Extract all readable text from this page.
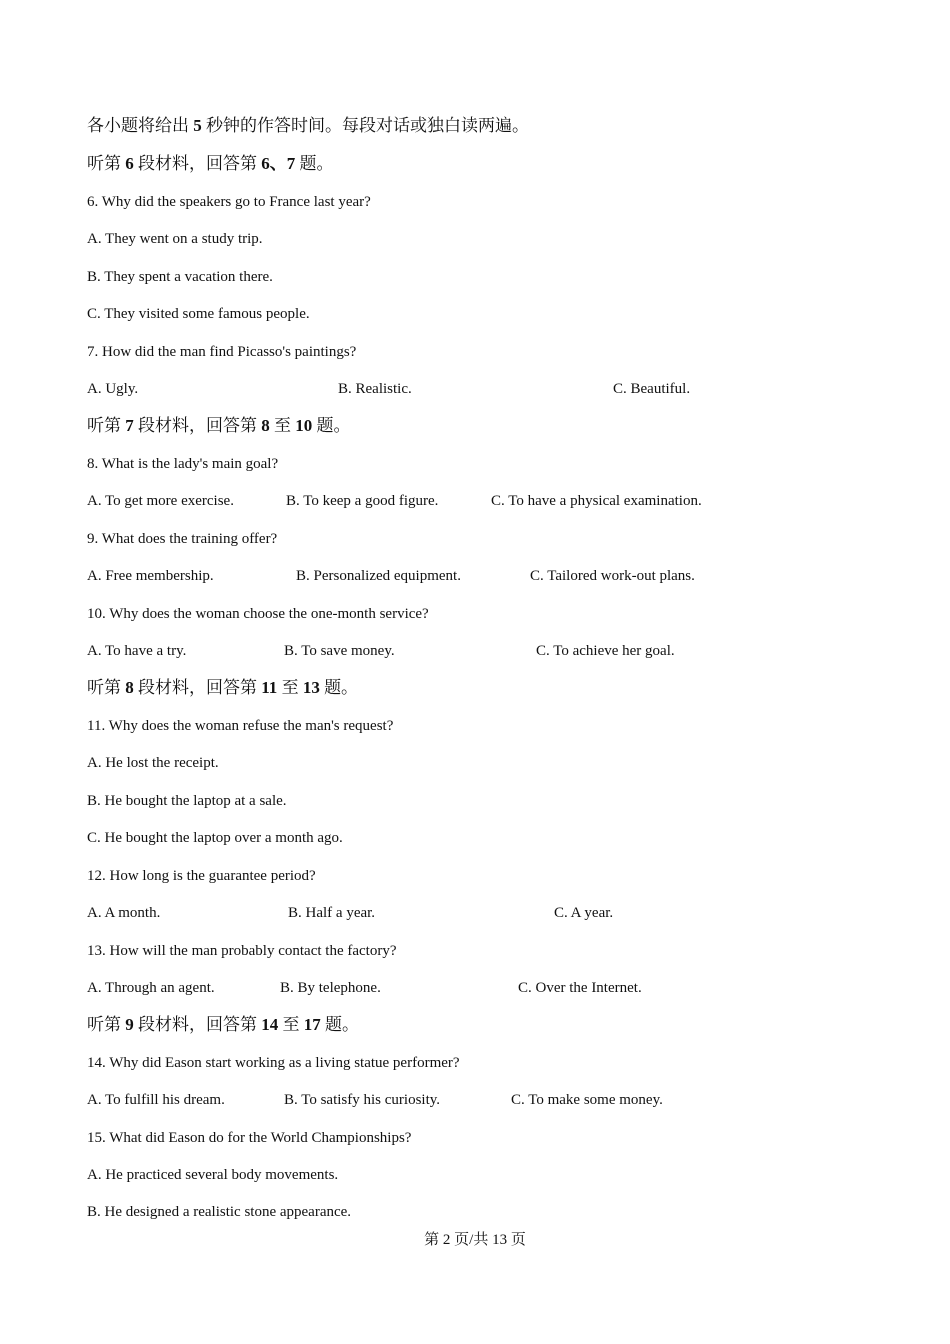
各小题将给出 5 秒钟的作答时间。每段对话或独白读两遍。
听第 6 段材料，回答第 6、7 题。
6. Why did the speakers go to France last year?
A. They went on a study trip.
B. They spent a vacation there.
C. They visited some famous people.
7. How did the man find Picasso's paintings?
A. Ugly.	B. Realistic.	C. Beautiful.
听第 7 段材料，回答第 8 至 10 题。
8. What is the lady's main goal?
A. To get more exercise.	B. To keep a good figure.	C. To have a physical examination.
9. What does the training offer?
A. Free membership.	B. Personalized equipment.	C. Tailored work-out plans.
10. Why does the woman choose the one-month service?
A. To have a try.	B. To save money.	C. To achieve her goal.
听第 8 段材料，回答第 11 至 13 题。
11. Why does the woman refuse the man's request?
A. He lost the receipt.
B. He bought the laptop at a sale.
C. He bought the laptop over a month ago.
12. How long is the guarantee period?
A. A month.	B. Half a year.	C. A year.
13. How will the man probably contact the factory?
A. Through an agent.	B. By telephone.	C. Over the Internet.
听第 9 段材料，回答第 14 至 17 题。
14. Why did Eason start working as a living statue performer?
A. To fulfill his dream.	B. To satisfy his curiosity.	C. To make some money.
15. What did Eason do for the World Championships?
A. He practiced several body movements.
B. He designed a realistic stone appearance.
第 2 页/共 13 页
